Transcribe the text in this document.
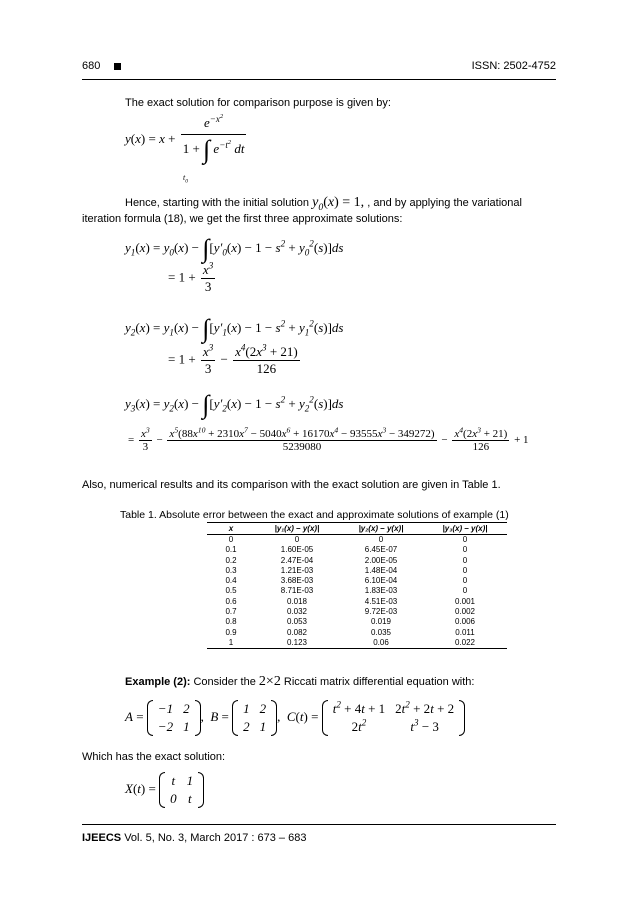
680	ISSN: 2502-4752
The exact solution for comparison purpose is given by:
$y(x) = x + \frac{e^{-x^2}}{1 + \int e^{-t^2} dt}$
$t_0$
Hence, starting with the initial solution $y_0(x) = 1$, , and by applying the variational
iteration formula (18), we get the first three approximate solutions:
$y_1(x) = y_0(x) - \int[y'_0(x) - 1 - s^2 + y_0^2(s)]ds$
= $1 + \frac{x^3}{3}$
$y_2(x) = y_1(x) - \int[y'_1(x) - 1 - s^2 + y_1^2(s)]ds$
= $1 + \frac{x^3}{3} - \frac{x^4(2x^3 + 21)}{126}$
$y_3(x) = y_2(x) - \int[y'_2(x) - 1 - s^2 + y_2^2(s)]ds$
= $\frac{x^3}{3} - \frac{x^5(88x^{10} + 2310x^7 - 5040x^6 + 16170x^4 - 93555x^3 - 349272)}{5239080} - \frac{x^4(2x^3 + 21)}{126} + 1$
Also, numerical results and its comparison with the exact solution are given in Table 1.
Table 1. Absolute error between the exact and approximate solutions of example (1)
x	|y₁(x) – y(x)|	|y₂(x) – y(x)|	|y₃(x) – y(x)|
0	0	0	0
0.1	1.60E-05	6.45E-07	0
0.2	2.47E-04	2.00E-05	0
0.3	1.21E-03	1.48E-04	0
0.4	3.68E-03	6.10E-04	0
0.5	8.71E-03	1.83E-03	0
0.6	0.018	4.51E-03	0.001
0.7	0.032	9.72E-03	0.002
0.8	0.053	0.019	0.006
0.9	0.082	0.035	0.011
1	0.123	0.06	0.022
Example (2): Consider the 2×2 Riccati matrix differential equation with:
A =
−1	2
−2	1
,  B =
1	2
2	1
,  C(t) =
$t^2 + 4t + 1$	$2t^2 + 2t + 2$
$2t^2$	$t^3 - 3$
Which has the exact solution:
X(t) =
t	1
0	t
IJEECS Vol. 5, No. 3, March 2017 : 673 – 683
